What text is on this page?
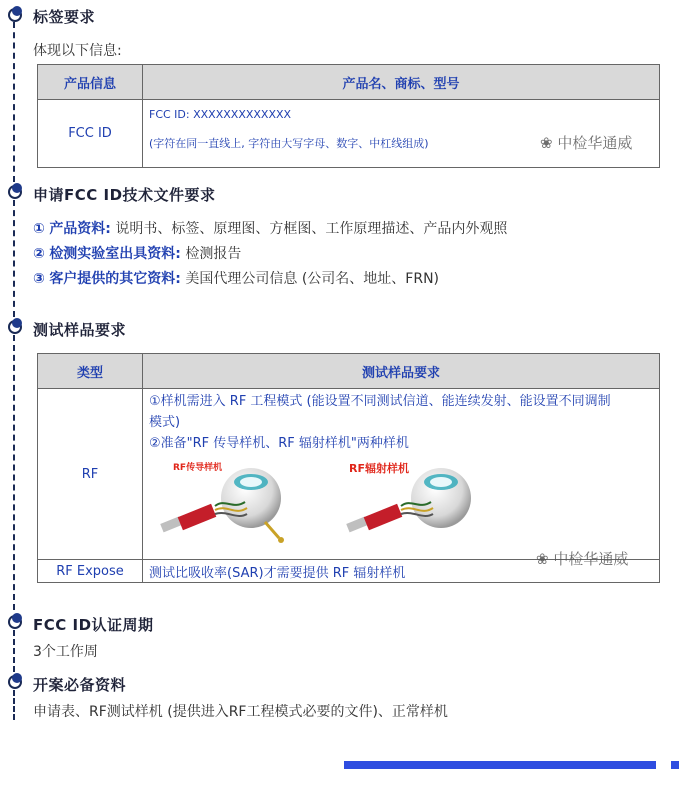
标签要求
体现以下信息:
产品信息	产品名、商标、型号
FCC ID	FCC ID: XXXXXXXXXXXXX
(字符在同一直线上, 字符由大写字母、数字、中杠线组成)	❀ 中检华通威
申请FCC ID技术文件要求
① 产品资料: 说明书、标签、原理图、方框图、工作原理描述、产品内外观照
② 检测实验室出具资料: 检测报告
③ 客户提供的其它资料: 美国代理公司信息 (公司名、地址、FRN)
测试样品要求
类型	测试样品要求
RF	①样机需进入 RF 工程模式 (能设置不同测试信道、能连续发射、能设置不同调制
模式)
②准备"RF 传导样机、RF 辐射样机"两种样机
RF传导样机 RF辐射样机

RF Expose	测试比吸收率(SAR)才需要提供 RF 辐射样机
❀ 中检华通威
FCC ID认证周期
3个工作周
开案必备资料
申请表、RF测试样机 (提供进入RF工程模式必要的文件)、正常样机
